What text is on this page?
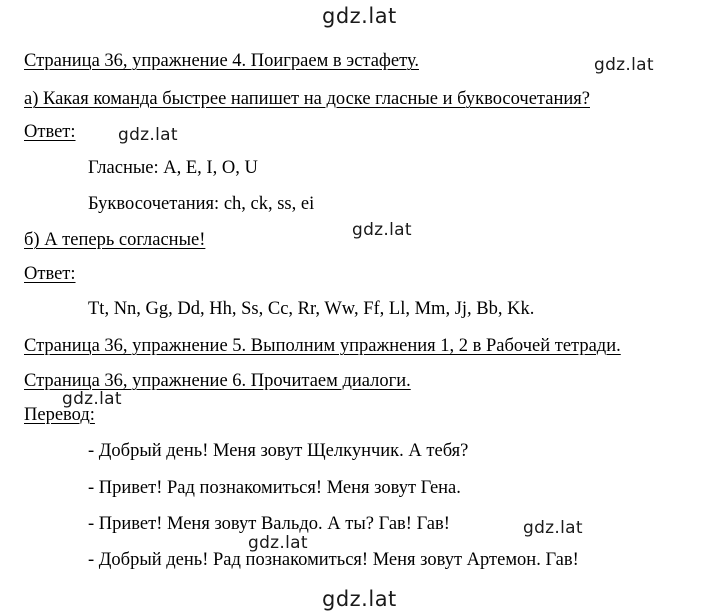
Страница 36, упражнение 4. Поиграем в эстафету.
а) Какая команда быстрее напишет на доске гласные и буквосочетания?
Ответ:
Гласные: A, E, I, O, U
Буквосочетания: ch, ck, ss, ei
б) А теперь согласные!
Ответ:
Tt, Nn, Gg, Dd, Hh, Ss, Cc, Rr, Ww, Ff, Ll, Mm, Jj, Bb, Kk.
Страница 36, упражнение 5. Выполним упражнения 1, 2 в Рабочей тетради.
Страница 36, упражнение 6. Прочитаем диалоги.
Перевод:
- Добрый день! Меня зовут Щелкунчик. А тебя?
- Привет! Рад познакомиться! Меня зовут Гена.
- Привет! Меня зовут Вальдо. А ты? Гав! Гав!
- Добрый день! Рад познакомиться! Меня зовут Артемон. Гав!
gdz.lat
gdz.lat
gdz.lat
gdz.lat
gdz.lat
gdz.lat
gdz.lat
gdz.lat
